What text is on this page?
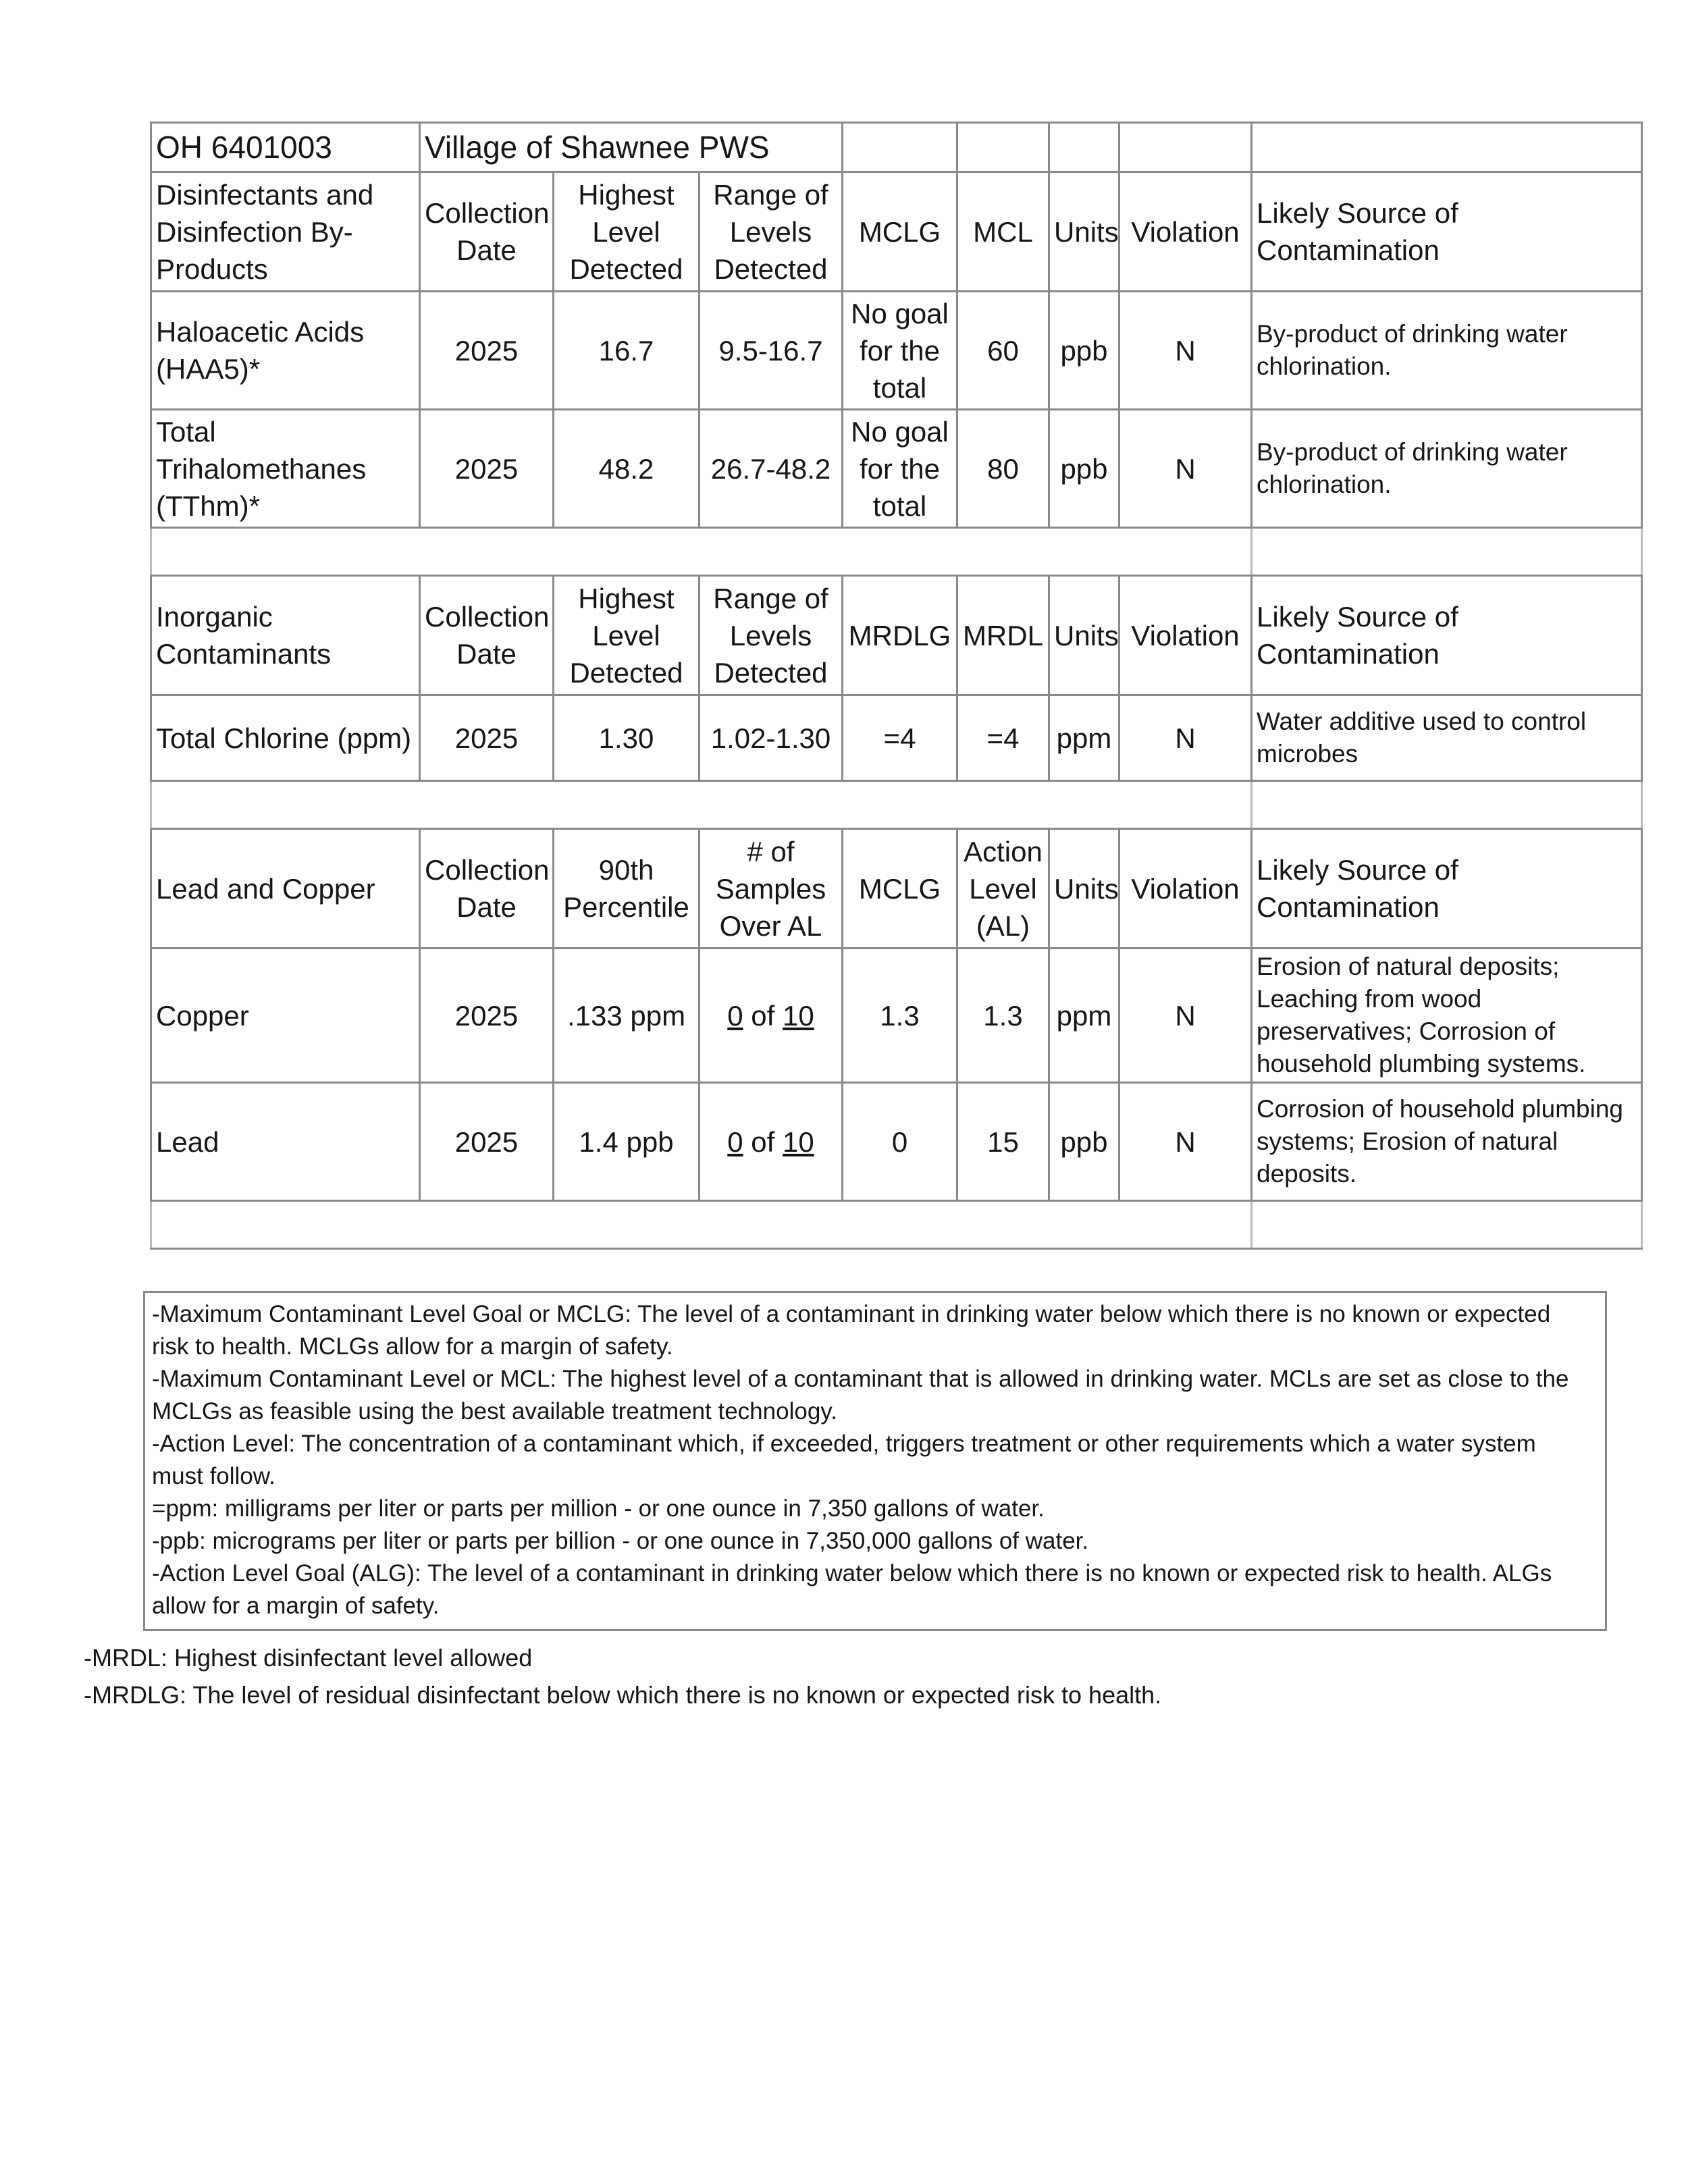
OH 6401003	Village of Shawnee PWS							
Disinfectants and Disinfection By-Products	Collection Date	Highest Level Detected	Range of Levels Detected	MCLG	MCL	Units	Violation	Likely Source of Contamination
Haloacetic Acids (HAA5)*	2025	16.7	9.5-16.7	No goal for the total	60	ppb	N	By-product of drinking water chlorination.
Total Trihalomethanes (TThm)*	2025	48.2	26.7-48.2	No goal for the total	80	ppb	N	By-product of drinking water chlorination.

Inorganic Contaminants	Collection Date	Highest Level Detected	Range of Levels Detected	MRDLG	MRDL	Units	Violation	Likely Source of Contamination
Total Chlorine (ppm)	2025	1.30	1.02-1.30	=4	=4	ppm	N	Water additive used to control microbes

Lead and Copper	Collection Date	90th Percentile	# of Samples Over AL	MCLG	Action Level (AL)	Units	Violation	Likely Source of Contamination
Copper	2025	.133 ppm	0 of 10	1.3	1.3	ppm	N	Erosion of natural deposits; Leaching from wood preservatives; Corrosion of household plumbing systems.
Lead	2025	1.4 ppb	0 of 10	0	15	ppb	N	Corrosion of household plumbing systems; Erosion of natural deposits.

-Maximum Contaminant Level Goal or MCLG: The level of a contaminant in drinking water below which there is no known or expected risk to health. MCLGs allow for a margin of safety.

-Maximum Contaminant Level or MCL: The highest level of a contaminant that is allowed in drinking water. MCLs are set as close to the MCLGs as feasible using the best available treatment technology.

-Action Level: The concentration of a contaminant which, if exceeded, triggers treatment or other requirements which a water system must follow.

=ppm: milligrams per liter or parts per million - or one ounce in 7,350 gallons of water.

-ppb: micrograms per liter or parts per billion - or one ounce in 7,350,000 gallons of water.

-Action Level Goal (ALG): The level of a contaminant in drinking water below which there is no known or expected risk to health. ALGs allow for a margin of safety.

-MRDL: Highest disinfectant level allowed

-MRDLG: The level of residual disinfectant below which there is no known or expected risk to health.
